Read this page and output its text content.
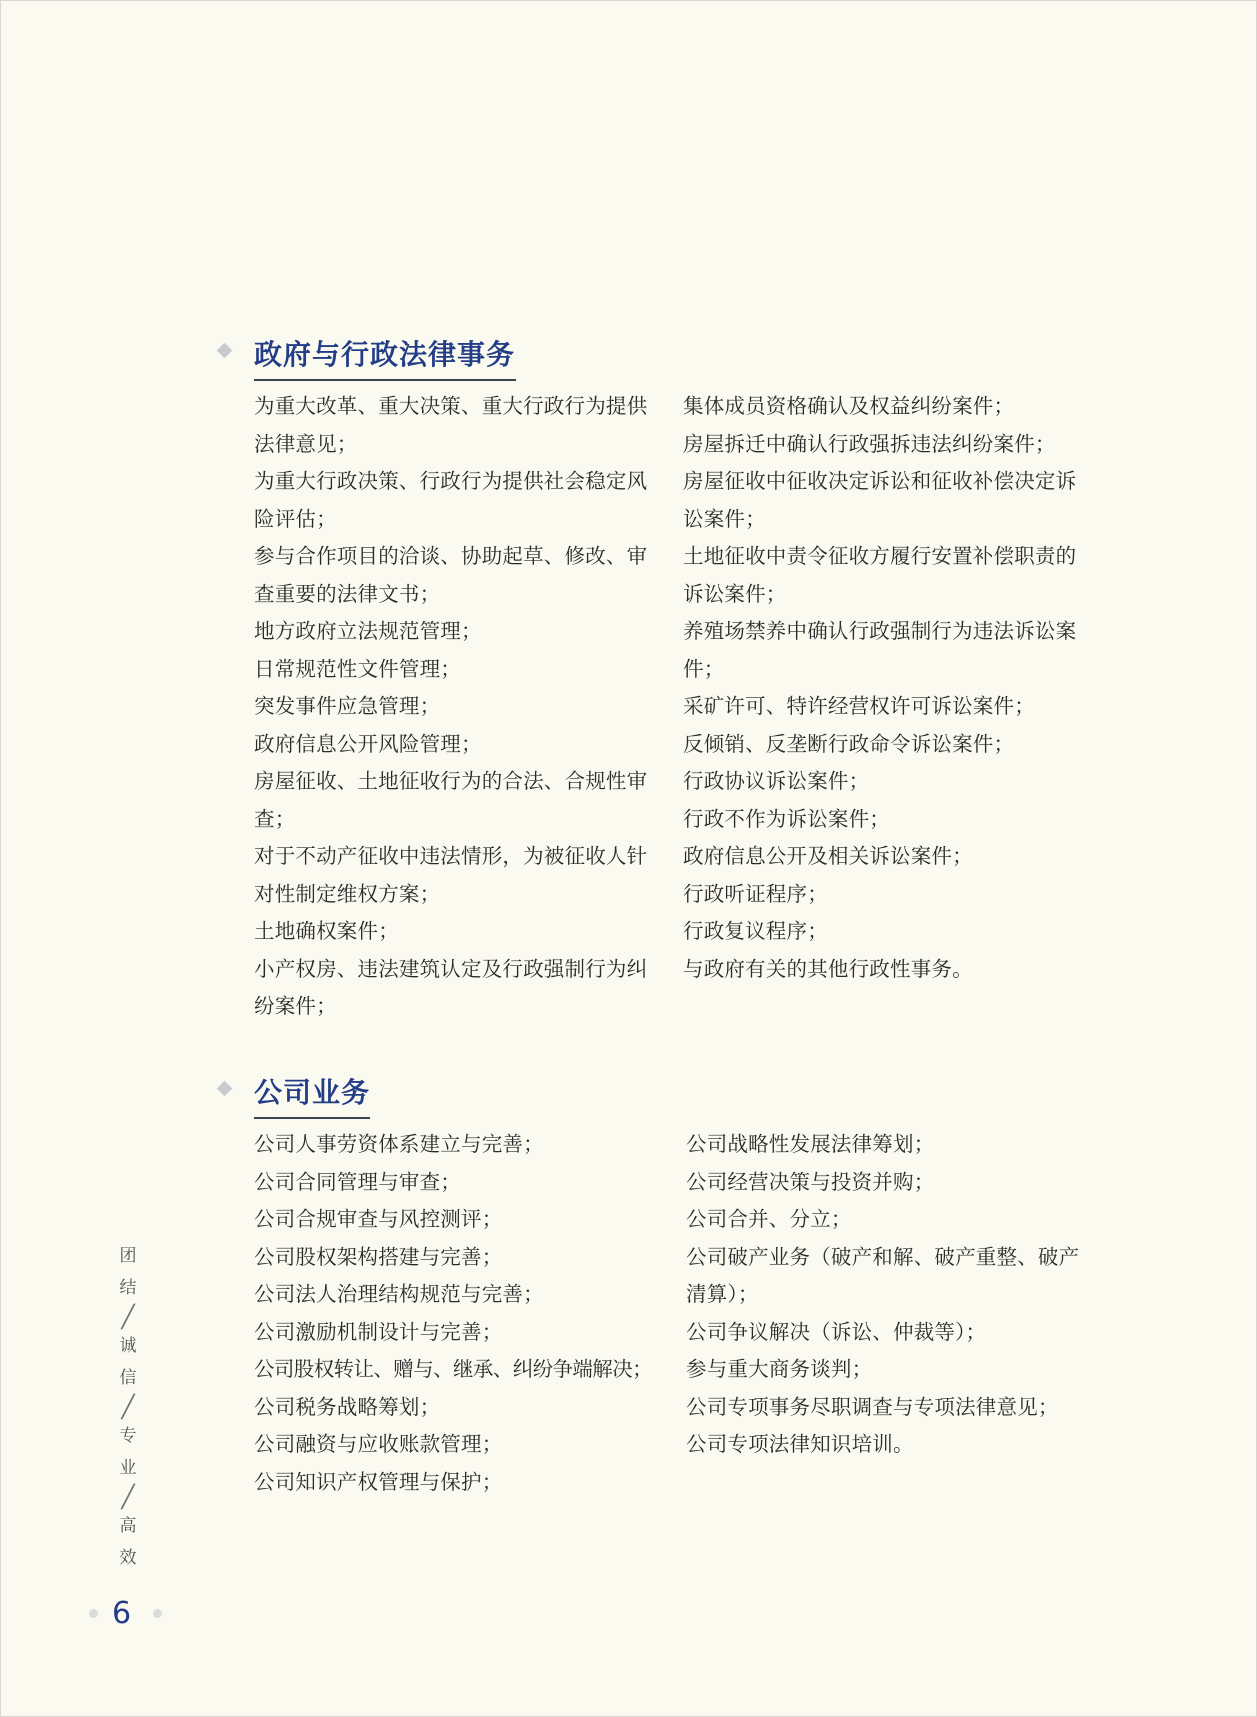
政府与行政法律事务
为重大改革、重大决策、重大行政行为提供法律意见；
为重大行政决策、行政行为提供社会稳定风险评估；
参与合作项目的洽谈、协助起草、修改、审查重要的法律文书；
地方政府立法规范管理；
日常规范性文件管理；
突发事件应急管理；
政府信息公开风险管理；
房屋征收、土地征收行为的合法、合规性审查；
对于不动产征收中违法情形，为被征收人针对性制定维权方案；
土地确权案件；
小产权房、违法建筑认定及行政强制行为纠纷案件；
集体成员资格确认及权益纠纷案件；
房屋拆迁中确认行政强拆违法纠纷案件；
房屋征收中征收决定诉讼和征收补偿决定诉讼案件；
土地征收中责令征收方履行安置补偿职责的诉讼案件；
养殖场禁养中确认行政强制行为违法诉讼案件；
采矿许可、特许经营权许可诉讼案件；
反倾销、反垄断行政命令诉讼案件；
行政协议诉讼案件；
行政不作为诉讼案件；
政府信息公开及相关诉讼案件；
行政听证程序；
行政复议程序；
与政府有关的其他行政性事务。
公司业务
公司人事劳资体系建立与完善；
公司合同管理与审查；
公司合规审查与风控测评；
公司股权架构搭建与完善；
公司法人治理结构规范与完善；
公司激励机制设计与完善；
公司股权转让、赠与、继承、纠纷争端解决；
公司税务战略筹划；
公司融资与应收账款管理；
公司知识产权管理与保护；
公司战略性发展法律筹划；
公司经营决策与投资并购；
公司合并、分立；
公司破产业务（破产和解、破产重整、破产清算）；
公司争议解决（诉讼、仲裁等）；
参与重大商务谈判；
公司专项事务尽职调查与专项法律意见；
公司专项法律知识培训。
团
结
╱
诚
信
╱
专
业
╱
高
效
6
